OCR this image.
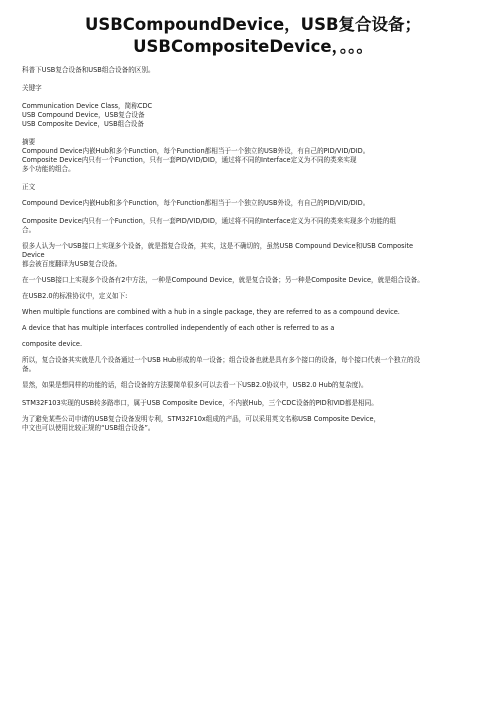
USBCompoundDevice，USB复合设备；
USBCompositeDevice，。。。

科普下USB复合设备和USB组合设备的区别。

关键字

Communication Device Class，简称CDC

USB Compound Device，USB复合设备

USB Composite Device，USB组合设备

摘要

Compound Device内嵌Hub和多个Function，每个Function都相当于一个独立的USB外设，有自己的PID/VID/DID。

Composite Device内只有一个Function，只有一套PID/VID/DID，通过将不同的Interface定义为不同的类来实现

多个功能的组合。

正文

Compound Device内嵌Hub和多个Function，每个Function都相当于一个独立的USB外设，有自己的PID/VID/DID。

Composite Device内只有一个Function，只有一套PID/VID/DID，通过将不同的Interface定义为不同的类来实现多个功能的组

合。

很多人认为一个USB接口上实现多个设备，就是指复合设备，其实，这是不确切的，虽然USB Compound Device和USB Composite

Device

都会被百度翻译为USB复合设备。

在一个USB接口上实现多个设备有2中方法，一种是Compound Device，就是复合设备；另一种是Composite Device，就是组合设备。

在USB2.0的标准协议中，定义如下:

When multiple functions are combined with a hub in a single package, they are referred to as a compound device.

A device that has multiple interfaces controlled independently of each other is referred to as a

composite device.

所以，复合设备其实就是几个设备通过一个USB Hub形成的单一设备；组合设备也就是具有多个接口的设备，每个接口代表一个独立的设

备。

显然，如果是想同样的功能的话，组合设备的方法要简单很多(可以去看一下USB2.0协议中，USB2.0 Hub的复杂度)。

STM32F103实现的USB转多路串口，属于USB Composite Device，不内嵌Hub，三个CDC设备的PID和VID都是相同。

为了避免某些公司申请的USB复合设备发明专利，STM32F10x组成的产品，可以采用英文名称USB Composite Device，

中文也可以使用比较正规的“USB组合设备”。
